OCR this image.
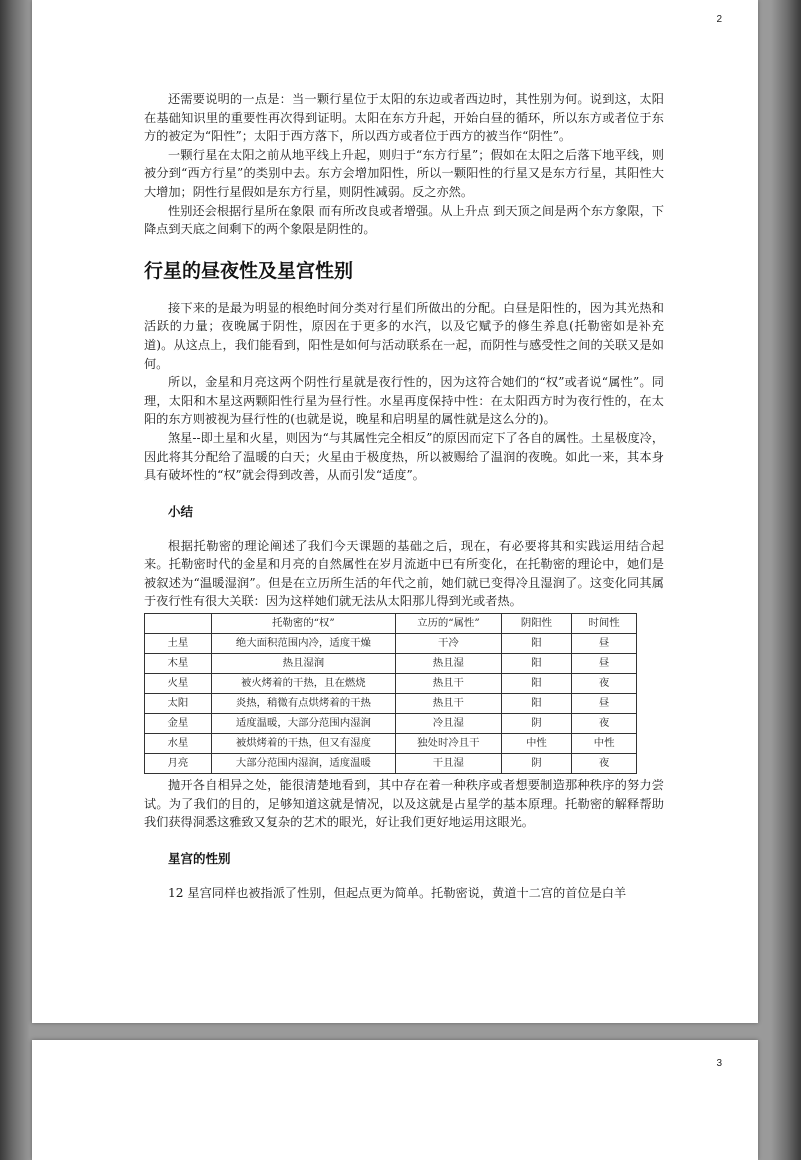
2

还需要说明的一点是：当一颗行星位于太阳的东边或者西边时，其性别为何。说到这，太阳在基础知识里的重要性再次得到证明。太阳在东方升起，开始白昼的循环，所以东方或者位于东方的被定为“阳性”；太阳于西方落下，所以西方或者位于西方的被当作“阴性”。

一颗行星在太阳之前从地平线上升起，则归于“东方行星”；假如在太阳之后落下地平线，则被分到“西方行星”的类别中去。东方会增加阳性，所以一颗阳性的行星又是东方行星，其阳性大大增加；阴性行星假如是东方行星，则阴性减弱。反之亦然。

性别还会根据行星所在象限 而有所改良或者增强。从上升点 到天顶之间是两个东方象限，下降点到天底之间剩下的两个象限是阴性的。

行星的昼夜性及星宫性别

接下来的是最为明显的根绝时间分类对行星们所做出的分配。白昼是阳性的，因为其光热和活跃的力量；夜晚属于阴性，原因在于更多的水汽，以及它赋予的修生养息(托勒密如是补充道)。从这点上，我们能看到，阳性是如何与活动联系在一起，而阴性与感受性之间的关联又是如何。

所以，金星和月亮这两个阴性行星就是夜行性的，因为这符合她们的“权”或者说“属性”。同理，太阳和木星这两颗阳性行星为昼行性。水星再度保持中性：在太阳西方时为夜行性的，在太阳的东方则被视为昼行性的(也就是说，晚星和启明星的属性就是这么分的)。

煞星--即土星和火星，则因为“与其属性完全相反”的原因而定下了各自的属性。土星极度冷，因此将其分配给了温暖的白天；火星由于极度热，所以被赐给了温润的夜晚。如此一来，其本身具有破坏性的“权”就会得到改善，从而引发“适度”。

小结

根据托勒密的理论阐述了我们今天课题的基础之后，现在，有必要将其和实践运用结合起来。托勒密时代的金星和月亮的自然属性在岁月流逝中已有所变化，在托勒密的理论中，她们是被叙述为“温暖湿润”。但是在立历所生活的年代之前，她们就已变得冷且湿润了。这变化同其属于夜行性有很大关联：因为这样她们就无法从太阳那儿得到光或者热。

	托勒密的“权”	立历的“属性”	阴阳性	时间性
土星	绝大面积范围内冷，适度干燥	干冷	阳	昼
木星	热且湿润	热且湿	阳	昼
火星	被火烤着的干热，且在燃烧	热且干	阳	夜
太阳	炎热，稍微有点烘烤着的干热	热且干	阳	昼
金星	适度温暖，大部分范围内湿润	冷且湿	阴	夜
水星	被烘烤着的干热，但又有湿度	独处时冷且干	中性	中性
月亮	大部分范围内湿润，适度温暖	干且湿	阴	夜

抛开各自相异之处，能很清楚地看到，其中存在着一种秩序或者想要制造那种秩序的努力尝试。为了我们的目的，足够知道这就是情况，以及这就是占星学的基本原理。托勒密的解释帮助我们获得洞悉这雅致又复杂的艺术的眼光，好让我们更好地运用这眼光。

星宫的性别

12 星宫同样也被指派了性别，但起点更为简单。托勒密说，黄道十二宫的首位是白羊

3
